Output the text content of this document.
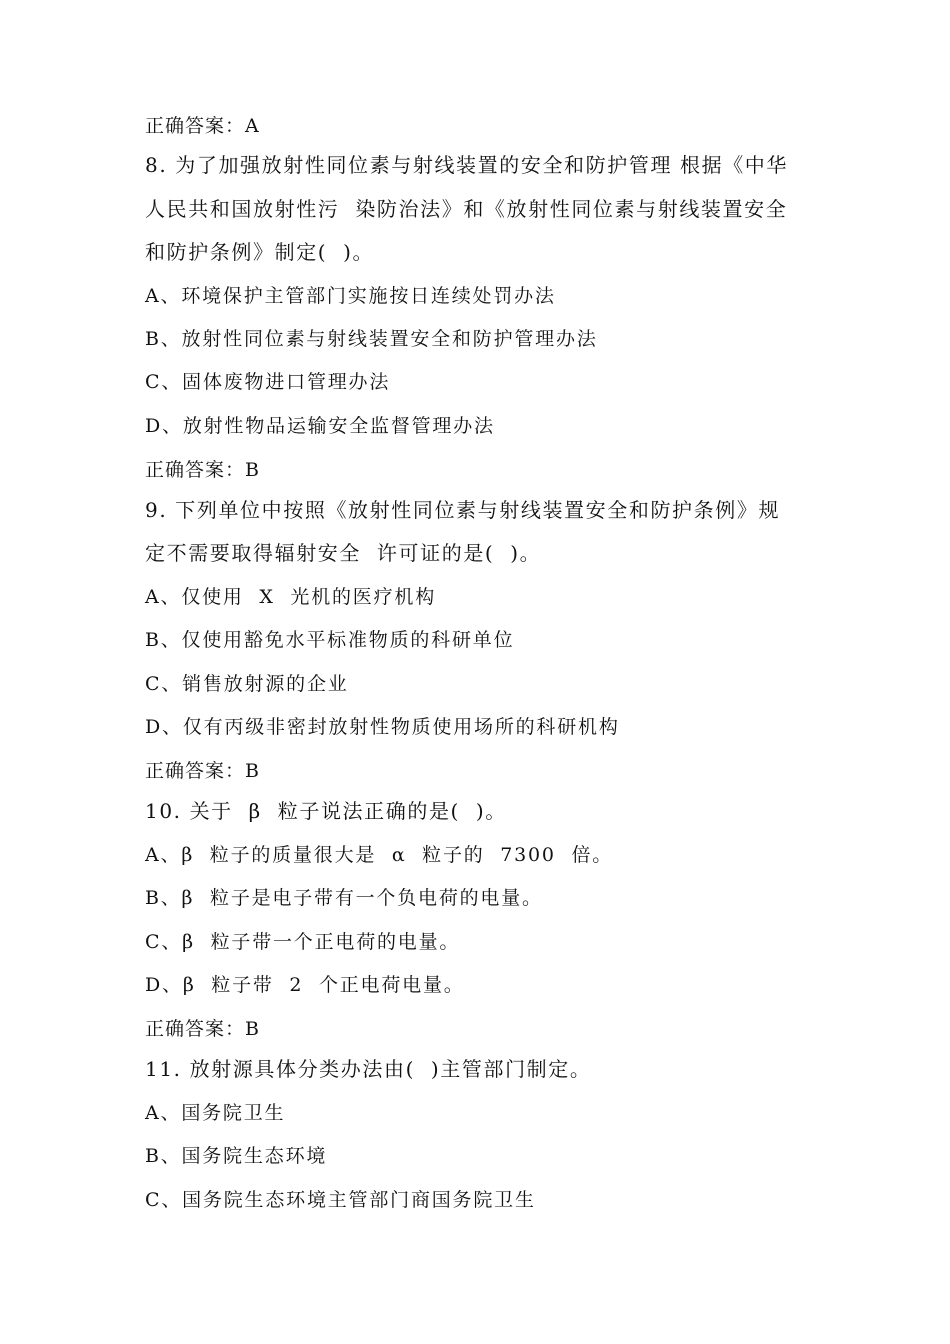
正确答案：A
8. 为了加强放射性同位素与射线装置的安全和防护管理 根据《中华
人民共和国放射性污  染防治法》和《放射性同位素与射线装置安全
和防护条例》制定(  )。
A、环境保护主管部门实施按日连续处罚办法
B、放射性同位素与射线装置安全和防护管理办法
C、固体废物进口管理办法
D、放射性物品运输安全监督管理办法
正确答案：B
9. 下列单位中按照《放射性同位素与射线装置安全和防护条例》规
定不需要取得辐射安全  许可证的是(  )。
A、仅使用  X  光机的医疗机构
B、仅使用豁免水平标准物质的科研单位
C、销售放射源的企业
D、仅有丙级非密封放射性物质使用场所的科研机构
正确答案：B
10. 关于  β  粒子说法正确的是(  )。
A、β  粒子的质量很大是  α  粒子的  7300  倍。
B、β  粒子是电子带有一个负电荷的电量。
C、β  粒子带一个正电荷的电量。
D、β  粒子带  2  个正电荷电量。
正确答案：B
11. 放射源具体分类办法由(  )主管部门制定。
A、国务院卫生
B、国务院生态环境
C、国务院生态环境主管部门商国务院卫生
